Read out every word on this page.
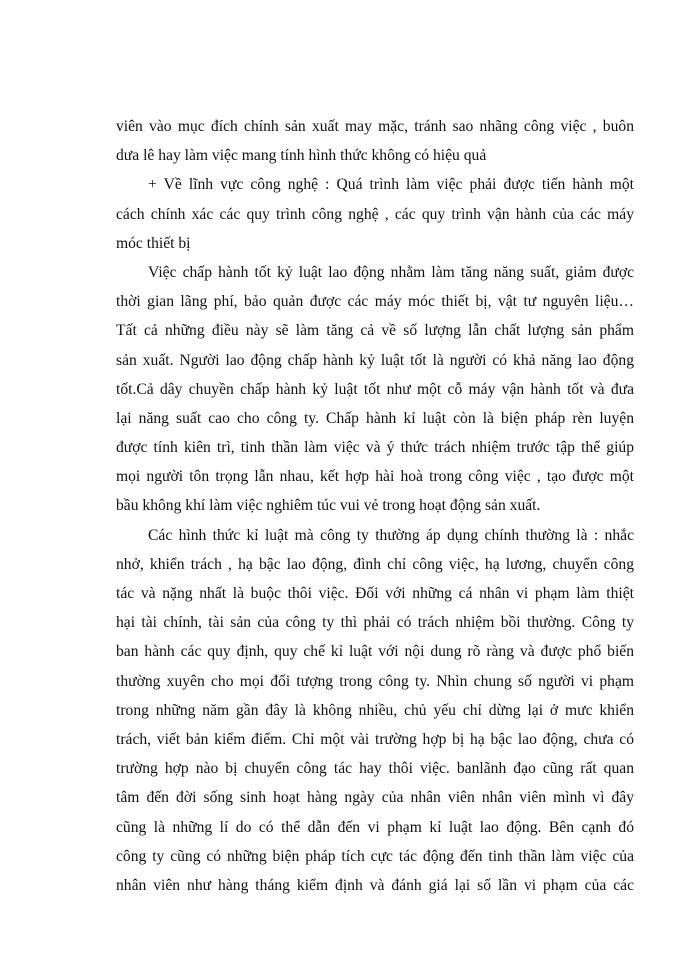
viên vào mục đích chính sản xuất may mặc, tránh sao nhãng công việc , buôn
dưa lê hay làm việc mang tính hình thức không có hiệu quả
+ Về lĩnh vực công nghệ : Quá trình làm việc phải được tiến hành một
cách chính xác các quy trình công nghệ , các quy trình vận hành của các máy
móc thiết bị
Việc chấp hành tốt kỷ luật lao động nhằm làm tăng năng suất, giảm được
thời gian lãng phí, bảo quản được các máy móc thiết bị, vật tư nguyên liệu…
Tất cả những điều này sẽ làm tăng cả về số lượng lẫn chất lượng sản phẩm
sản xuất. Người lao động chấp hành kỷ luật tốt là người có khả năng lao động
tốt.Cả dây chuyền chấp hành kỷ luật tốt như một cỗ máy vận hành tốt và đưa
lại năng suất cao cho công ty. Chấp hành kỉ luật còn là biện pháp rèn luyện
được tính kiên trì, tinh thần làm việc và ý thức trách nhiệm trước tập thể giúp
mọi người tôn trọng lẫn nhau, kết hợp hài hoà trong công việc , tạo được một
bầu không khí làm việc nghiêm túc vui vẻ trong hoạt động sản xuất.
Các hình thức kỉ luật mà công ty thường áp dụng chính thường là : nhắc
nhở, khiển trách , hạ bậc lao động, đình chỉ công việc, hạ lương, chuyển công
tác và nặng nhất là buộc thôi việc. Đối với những cá nhân vi phạm làm thiệt
hại tài chính, tài sản của công ty thì phải có trách nhiệm bồi thường. Công ty
ban hành các quy định, quy chế kỉ luật với nội dung rõ ràng và được phổ biến
thường xuyên cho mọi đối tượng trong công ty. Nhìn chung số người vi phạm
trong những năm gần đây là không nhiều, chủ yếu chỉ dừng lại ở mưc khiển
trách, viết bản kiểm điểm. Chỉ một vài trường hợp bị hạ bậc lao động, chưa có
trường hợp nào bị chuyển công tác hay thôi việc. banlãnh đạo cũng rất quan
tâm đến đời sống sinh hoạt hàng ngày của nhân viên nhân viên mình vì đây
cũng là những lí do có thể dẫn đến vi phạm kỉ luật lao động. Bên cạnh đó
công ty cũng có những biện pháp tích cực tác động đến tinh thần làm việc của
nhân viên như hàng tháng kiểm định và đánh giá lại số lần vi phạm của các
